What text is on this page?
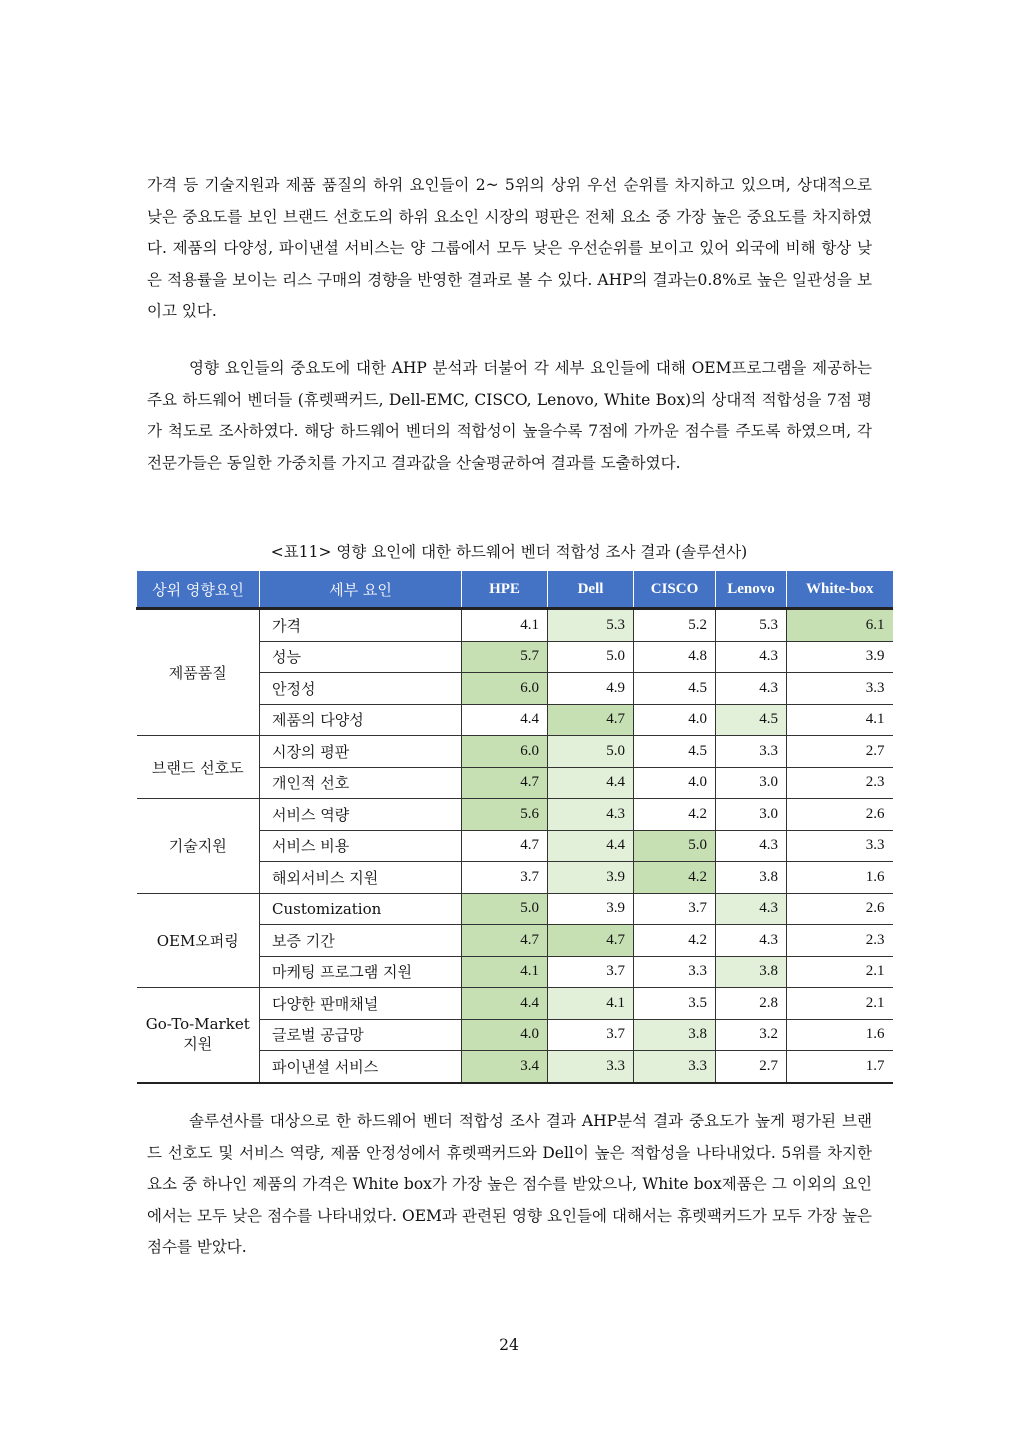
가격 등 기술지원과 제품 품질의 하위 요인들이 2~ 5위의 상위 우선 순위를 차지하고 있으며, 상대적으로 낮은 중요도를 보인 브랜드 선호도의 하위 요소인 시장의 평판은 전체 요소 중 가장 높은 중요도를 차지하였다. 제품의 다양성, 파이낸셜 서비스는 양 그룹에서 모두 낮은 우선순위를 보이고 있어 외국에 비해 항상 낮은 적용률을 보이는 리스 구매의 경향을 반영한 결과로 볼 수 있다. AHP의 결과는0.8%로 높은 일관성을 보이고 있다.

영향 요인들의 중요도에 대한 AHP 분석과 더불어 각 세부 요인들에 대해 OEM프로그램을 제공하는 주요 하드웨어 벤더들 (휴렛팩커드, Dell-EMC, CISCO, Lenovo, White Box)의 상대적 적합성을 7점 평가 척도로 조사하였다. 해당 하드웨어 벤더의 적합성이 높을수록 7점에 가까운 점수를 주도록 하였으며, 각 전문가들은 동일한 가중치를 가지고 결과값을 산술평균하여 결과를 도출하였다.

<표11> 영향 요인에 대한 하드웨어 벤더 적합성 조사 결과 (솔루션사)
상위 영향요인	세부 요인	HPE	Dell	CISCO	Lenovo	White-box
제품품질	가격	4.1	5.3	5.2	5.3	6.1
	성능	5.7	5.0	4.8	4.3	3.9
	안정성	6.0	4.9	4.5	4.3	3.3
	제품의 다양성	4.4	4.7	4.0	4.5	4.1
브랜드 선호도	시장의 평판	6.0	5.0	4.5	3.3	2.7
	개인적 선호	4.7	4.4	4.0	3.0	2.3
기술지원	서비스 역량	5.6	4.3	4.2	3.0	2.6
	서비스 비용	4.7	4.4	5.0	4.3	3.3
	해외서비스 지원	3.7	3.9	4.2	3.8	1.6
OEM오퍼링	Customization	5.0	3.9	3.7	4.3	2.6
	보증 기간	4.7	4.7	4.2	4.3	2.3
	마케팅 프로그램 지원	4.1	3.7	3.3	3.8	2.1
Go-To-Market 지원	다양한 판매채널	4.4	4.1	3.5	2.8	2.1
	글로벌 공급망	4.0	3.7	3.8	3.2	1.6
	파이낸셜 서비스	3.4	3.3	3.3	2.7	1.7

솔루션사를 대상으로 한 하드웨어 벤더 적합성 조사 결과 AHP분석 결과 중요도가 높게 평가된 브랜드 선호도 및 서비스 역량, 제품 안정성에서 휴렛팩커드와 Dell이 높은 적합성을 나타내었다. 5위를 차지한 요소 중 하나인 제품의 가격은 White box가 가장 높은 점수를 받았으나, White box제품은 그 이외의 요인에서는 모두 낮은 점수를 나타내었다. OEM과 관련된 영향 요인들에 대해서는 휴렛팩커드가 모두 가장 높은 점수를 받았다.

24
